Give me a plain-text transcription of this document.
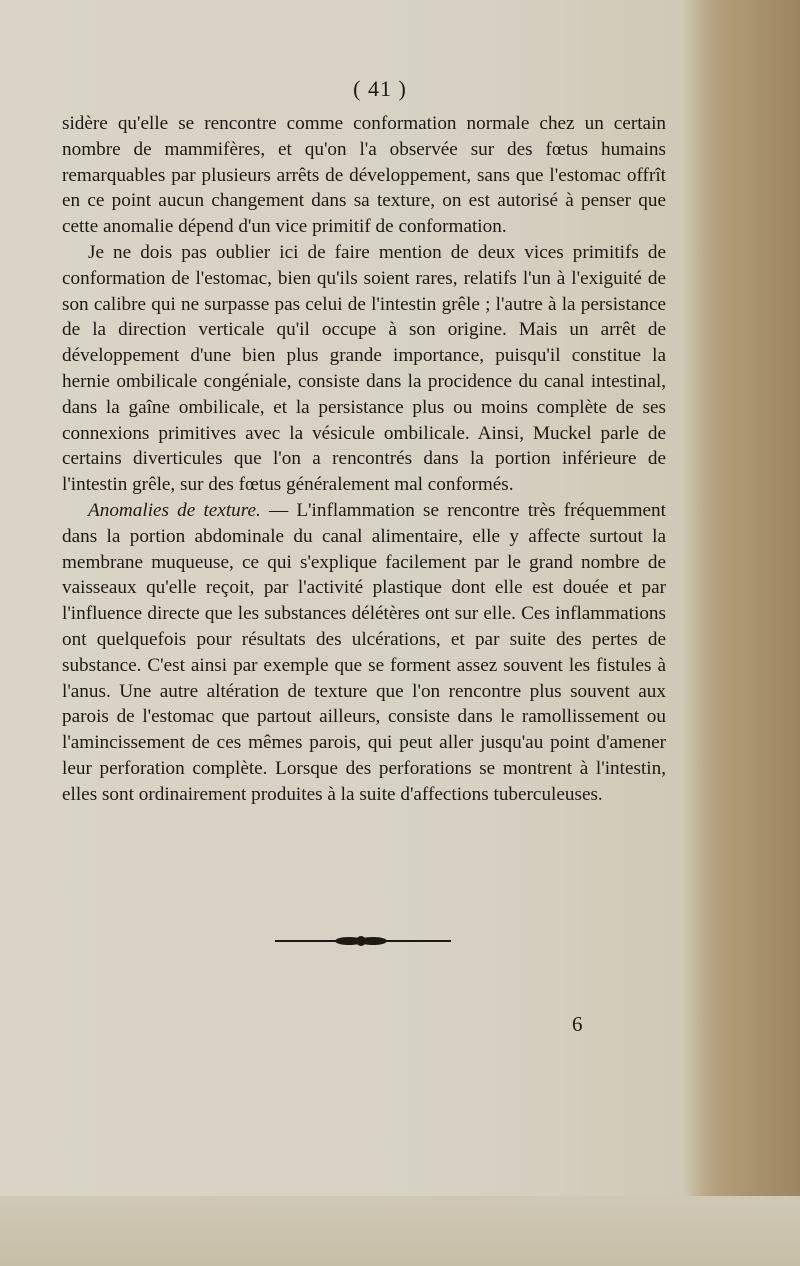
( 41 )

sidère qu'elle se rencontre comme conformation normale chez un certain nombre de mammifères, et qu'on l'a observée sur des fœtus humains remarquables par plusieurs arrêts de développement, sans que l'estomac offrît en ce point aucun changement dans sa texture, on est autorisé à penser que cette anomalie dépend d'un vice primitif de conformation.

Je ne dois pas oublier ici de faire mention de deux vices primitifs de conformation de l'estomac, bien qu'ils soient rares, relatifs l'un à l'exiguité de son calibre qui ne surpasse pas celui de l'intestin grêle ; l'autre à la persistance de la direction verticale qu'il occupe à son origine. Mais un arrêt de développement d'une bien plus grande importance, puisqu'il constitue la hernie ombilicale congéniale, consiste dans la procidence du canal intestinal, dans la gaîne ombilicale, et la persistance plus ou moins complète de ses connexions primitives avec la vésicule ombilicale. Ainsi, Muckel parle de certains diverticules que l'on a rencontrés dans la portion inférieure de l'intestin grêle, sur des fœtus généralement mal conformés.

Anomalies de texture. — L'inflammation se rencontre très fréquemment dans la portion abdominale du canal alimentaire, elle y affecte surtout la membrane muqueuse, ce qui s'explique facilement par le grand nombre de vaisseaux qu'elle reçoit, par l'activité plastique dont elle est douée et par l'influence directe que les substances délétères ont sur elle. Ces inflammations ont quelquefois pour résultats des ulcérations, et par suite des pertes de substance. C'est ainsi par exemple que se forment assez souvent les fistules à l'anus. Une autre altération de texture que l'on rencontre plus souvent aux parois de l'estomac que partout ailleurs, consiste dans le ramollissement ou l'amincissement de ces mêmes parois, qui peut aller jusqu'au point d'amener leur perforation complète. Lorsque des perforations se montrent à l'intestin, elles sont ordinairement produites à la suite d'affections tuberculeuses.

6
